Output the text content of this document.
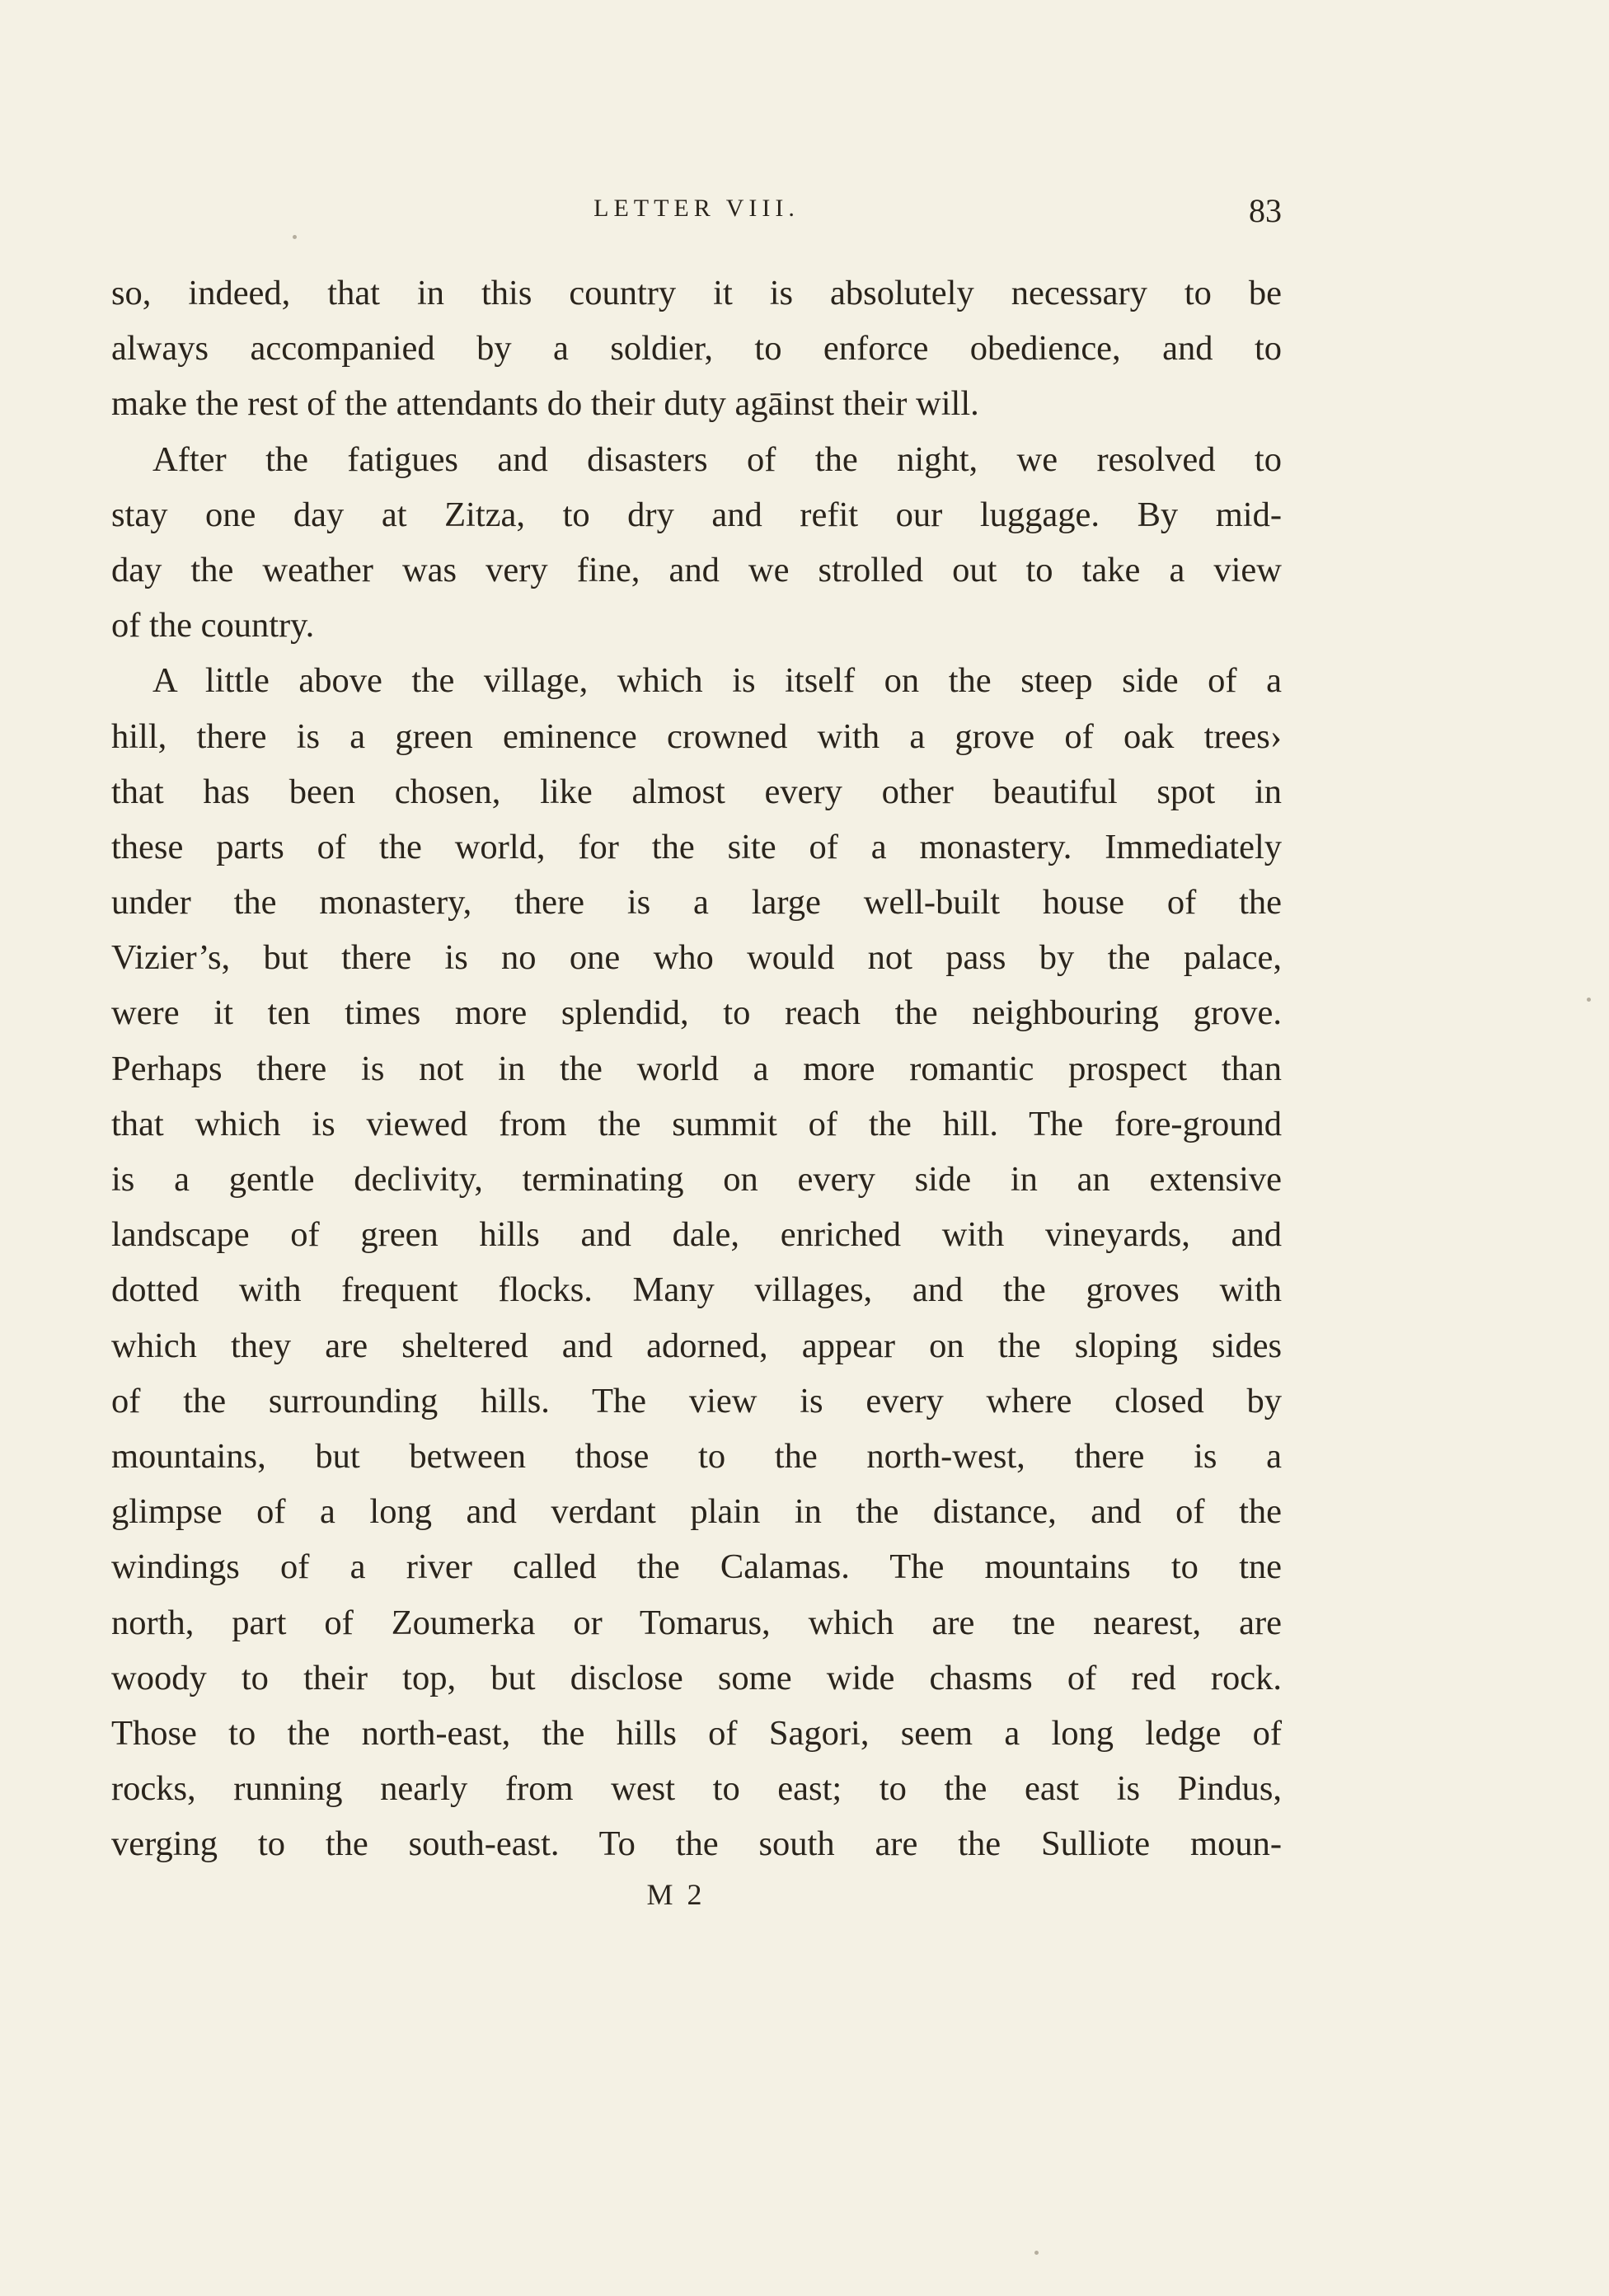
LETTER VIII.	83
so, indeed, that in this country it is absolutely necessary to be
always accompanied by a soldier, to enforce obedience, and to
make the rest of the attendants do their duty agāinst their will.
After the fatigues and disasters of the night, we resolved to
stay one day at Zitza, to dry and refit our luggage. By mid-
day the weather was very fine, and we strolled out to take a view
of the country.
A little above the village, which is itself on the steep side of a
hill, there is a green eminence crowned with a grove of oak trees›
that has been chosen, like almost every other beautiful spot in
these parts of the world, for the site of a monastery. Immediately
under the monastery, there is a large well-built house of the
Vizier’s, but there is no one who would not pass by the palace,
were it ten times more splendid, to reach the neighbouring grove.
Perhaps there is not in the world a more romantic prospect than
that which is viewed from the summit of the hill. The fore-ground
is a gentle declivity, terminating on every side in an extensive
landscape of green hills and dale, enriched with vineyards, and
dotted with frequent flocks. Many villages, and the groves with
which they are sheltered and adorned, appear on the sloping sides
of the surrounding hills. The view is every where closed by
mountains, but between those to the north-west, there is a
glimpse of a long and verdant plain in the distance, and of the
windings of a river called the Calamas. The mountains to tne
north, part of Zoumerka or Tomarus, which are tne nearest, are
woody to their top, but disclose some wide chasms of red rock.
Those to the north-east, the hills of Sagori, seem a long ledge of
rocks, running nearly from west to east; to the east is Pindus,
verging to the south-east. To the south are the Sulliote moun-
M 2
